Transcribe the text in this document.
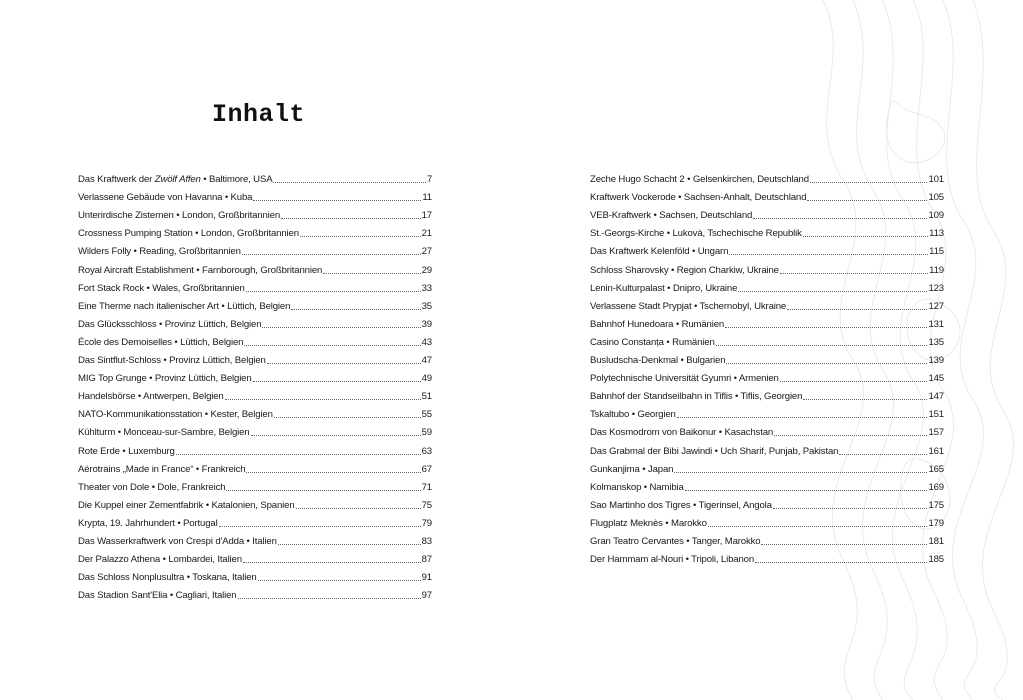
Inhalt
Das Kraftwerk der Zwölf Affen • Baltimore, USA	7
Verlassene Gebäude von Havanna • Kuba	11
Unterirdische Zisternen • London, Großbritannien	17
Crossness Pumping Station • London, Großbritannien	21
Wilders Folly • Reading, Großbritannien	27
Royal Aircraft Establishment • Farnborough, Großbritannien	29
Fort Stack Rock • Wales, Großbritannien	33
Eine Therme nach italienischer Art • Lüttich, Belgien	35
Das Glücksschloss • Provinz Lüttich, Belgien	39
École des Demoiselles • Lüttich, Belgien	43
Das Sintflut-Schloss • Provinz Lüttich, Belgien	47
MIG Top Grunge • Provinz Lüttich, Belgien	49
Handelsbörse • Antwerpen, Belgien	51
NATO-Kommunikationsstation • Kester, Belgien	55
Kühlturm • Monceau-sur-Sambre, Belgien	59
Rote Erde • Luxemburg	63
Aérotrains „Made in France“ • Frankreich	67
Theater von Dole • Dole, Frankreich	71
Die Kuppel einer Zementfabrik • Katalonien, Spanien	75
Krypta, 19. Jahrhundert • Portugal	79
Das Wasserkraftwerk von Crespi d'Adda • Italien	83
Der Palazzo Athena • Lombardei, Italien	87
Das Schloss Nonplusultra • Toskana, Italien	91
Das Stadion Sant'Elia • Cagliari, Italien	97
Zeche Hugo Schacht 2 • Gelsenkirchen, Deutschland	101
Kraftwerk Vockerode • Sachsen-Anhalt, Deutschland	105
VEB-Kraftwerk • Sachsen, Deutschland	109
St.-Georgs-Kirche • Lukovà, Tschechische Republik	113
Das Kraftwerk Kelenföld • Ungarn	115
Schloss Sharovsky • Region Charkiw, Ukraine	119
Lenin-Kulturpalast • Dnipro, Ukraine	123
Verlassene Stadt Prypjat • Tschernobyl, Ukraine	127
Bahnhof Hunedoara • Rumänien	131
Casino Constanța • Rumänien	135
Busludscha-Denkmal • Bulgarien	139
Polytechnische Universität Gyumri • Armenien	145
Bahnhof der Standseilbahn in Tiflis • Tiflis, Georgien	147
Tskaltubo • Georgien	151
Das Kosmodrom von Baikonur • Kasachstan	157
Das Grabmal der Bibi Jawindi • Uch Sharif, Punjab, Pakistan	161
Gunkanjima • Japan	165
Kolmanskop • Namibia	169
Sao Martinho dos Tigres • Tigerinsel, Angola	175
Flugplatz Meknès • Marokko	179
Gran Teatro Cervantes • Tanger, Marokko	181
Der Hammam al-Nouri • Tripoli, Libanon	185
